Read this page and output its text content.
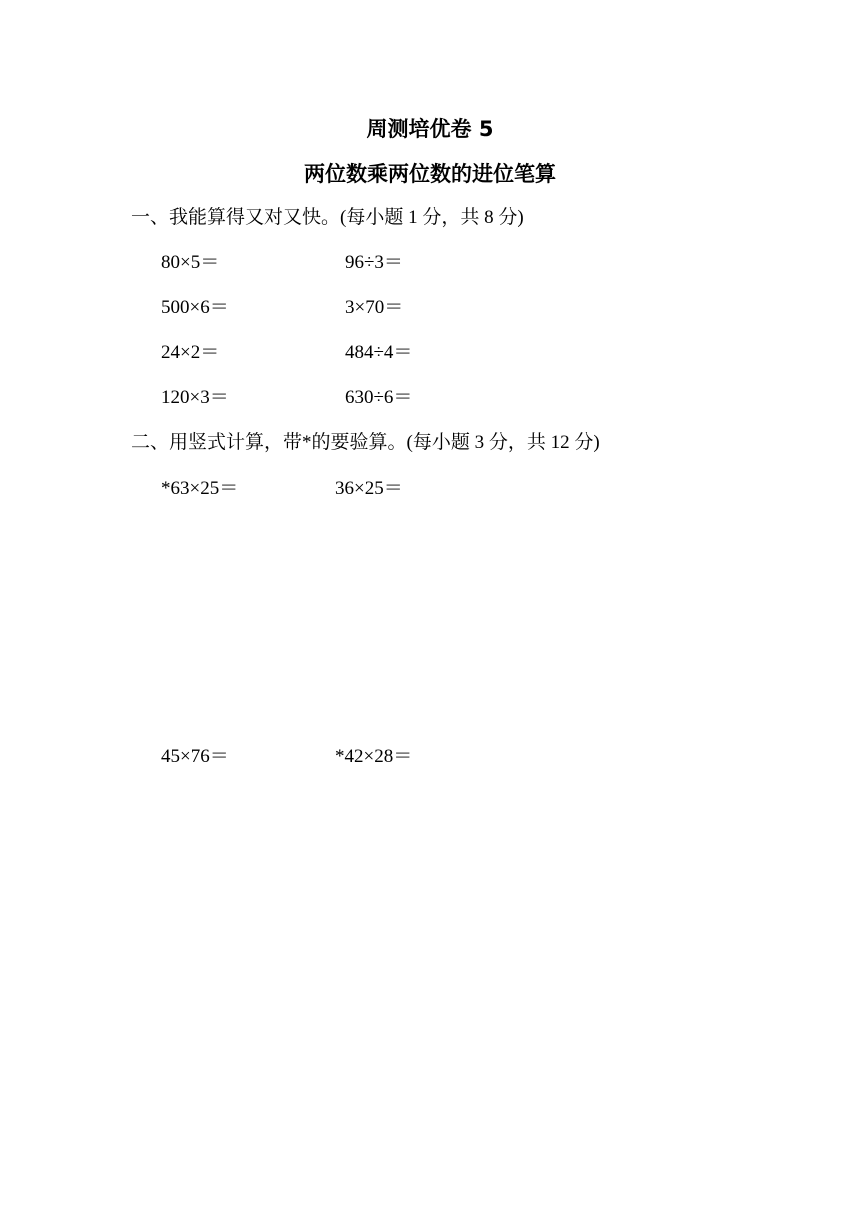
周测培优卷 5
两位数乘两位数的进位笔算
一、我能算得又对又快。(每小题 1 分，共 8 分)
80×5＝	96÷3＝
500×6＝	3×70＝
24×2＝	484÷4＝
120×3＝	630÷6＝
二、用竖式计算，带*的要验算。(每小题 3 分，共 12 分)
*63×25＝	36×25＝
45×76＝	*42×28＝
